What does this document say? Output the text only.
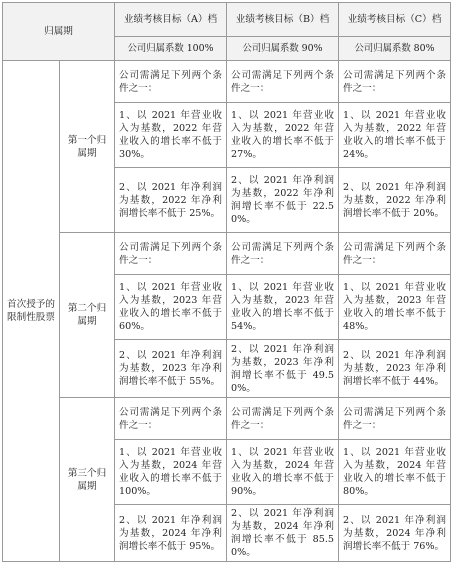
归属期		业绩考核目标（A）档	业绩考核目标（B）档	业绩考核目标（C）档
		公司归属系数 100%	公司归属系数 90%	公司归属系数 80%
首次授予的限制性股票	第一个归属期	公司需满足下列两个条件之一：	公司需满足下列两个条件之一：	公司需满足下列两个条件之一：
		1、以 2021 年营业收入为基数，2022 年营业收入的增长率不低于 30%。	1、以 2021 年营业收入为基数，2022 年营业收入的增长率不低于 27%。	1、以 2021 年营业收入为基数，2022 年营业收入的增长率不低于 24%。
		2、以 2021 年净利润为基数，2022 年净利润增长率不低于 25%。	2、以 2021 年净利润为基数，2022 年净利润增长率不低于 22.50%。	2、以 2021 年净利润为基数，2022 年净利润增长率不低于 20%。
	第二个归属期	公司需满足下列两个条件之一：	公司需满足下列两个条件之一：	公司需满足下列两个条件之一：
		1、以 2021 年营业收入为基数，2023 年营业收入的增长率不低于 60%。	1、以 2021 年营业收入为基数，2023 年营业收入的增长率不低于 54%。	1、以 2021 年营业收入为基数，2023 年营业收入的增长率不低于 48%。
		2、以 2021 年净利润为基数，2023 年净利润增长率不低于 55%。	2、以 2021 年净利润为基数，2023 年净利润增长率不低于 49.50%。	2、以 2021 年净利润为基数，2023 年净利润增长率不低于 44%。
	第三个归属期	公司需满足下列两个条件之一：	公司需满足下列两个条件之一：	公司需满足下列两个条件之一：
		1、以 2021 年营业收入为基数，2024 年营业收入的增长率不低于 100%。	1、以 2021 年营业收入为基数，2024 年营业收入的增长率不低于 90%。	1、以 2021 年营业收入为基数，2024 年营业收入的增长率不低于 80%。
		2、以 2021 年净利润为基数，2024 年净利润增长率不低于 95%。	2、以 2021 年净利润为基数，2024 年净利润增长率不低于 85.50%。	2、以 2021 年净利润为基数，2024 年净利润增长率不低于 76%。
